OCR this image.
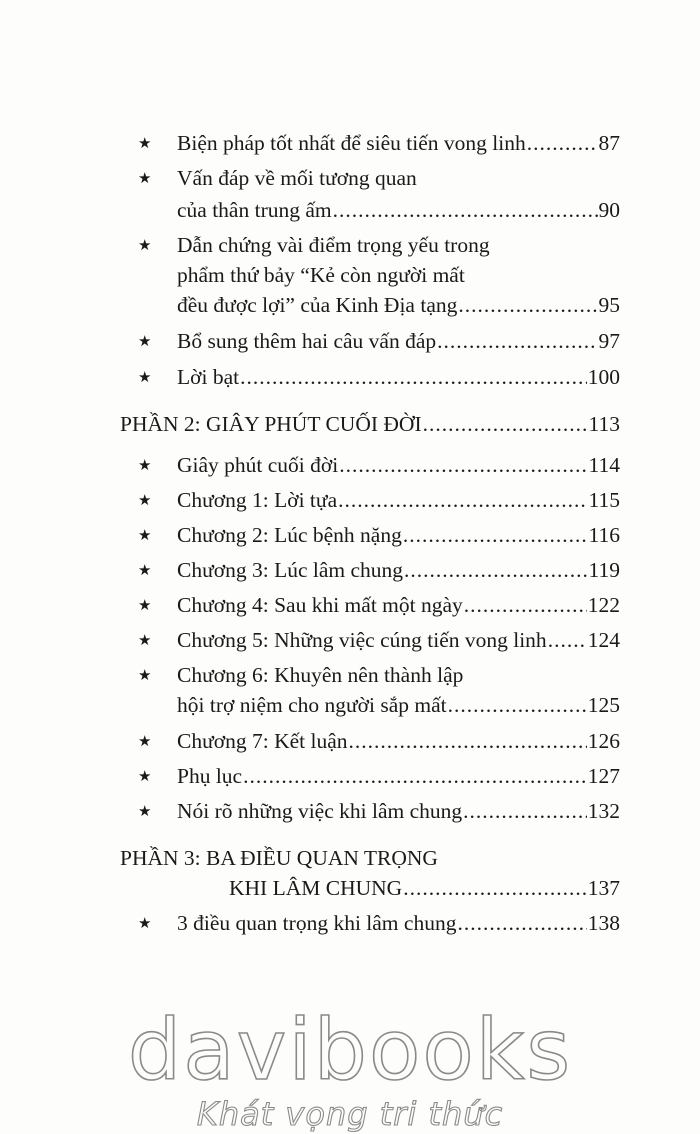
★	Biện pháp tốt nhất để siêu tiến vong linh .....	87
★	Vấn đáp về mối tương quan
của thân trung ấm .....	90
★	Dẫn chứng vài điểm trọng yếu trong
phẩm thứ bảy “Kẻ còn người mất
đều được lợi” của Kinh Địa tạng .....	95
★	Bổ sung thêm hai câu vấn đáp .....	97
★	Lời bạt .....	100
PHẦN 2: GIÂY PHÚT CUỐI ĐỜI .....	113
★	Giây phút cuối đời .....	114
★	Chương 1: Lời tựa .....	115
★	Chương 2: Lúc bệnh nặng .....	116
★	Chương 3: Lúc lâm chung .....	119
★	Chương 4: Sau khi mất một ngày .....	122
★	Chương 5: Những việc cúng tiến vong linh ..... 124
★	Chương 6: Khuyên nên thành lập
hội trợ niệm cho người sắp mất .....	125
★	Chương 7: Kết luận .....	126
★	Phụ lục .....	127
★	Nói rõ những việc khi lâm chung .....	132
PHẦN 3: BA ĐIỀU QUAN TRỌNG
KHI LÂM CHUNG .....	137
★	3 điều quan trọng khi lâm chung .....	138
davibooks
Khát vọng tri thức
